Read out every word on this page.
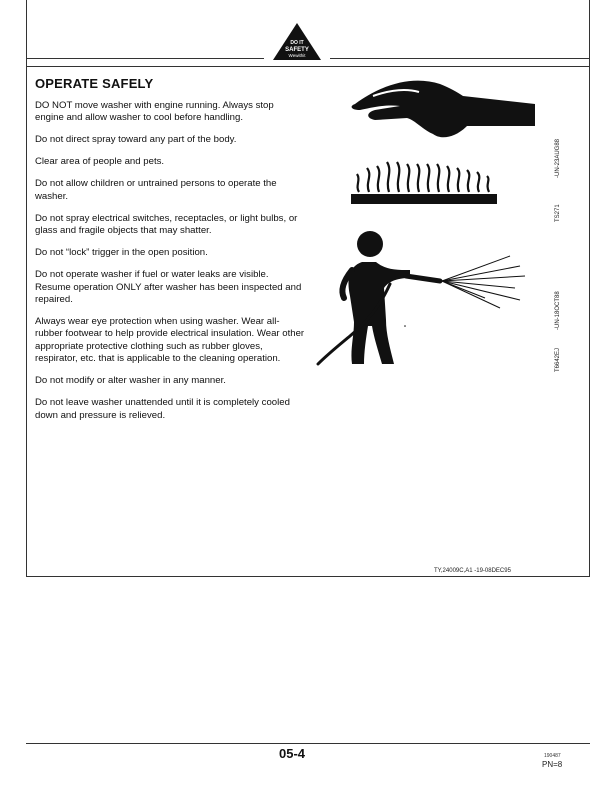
DO IT
SAFETY
Wewithit
OPERATE SAFELY

DO NOT move washer with engine running. Always stop engine and allow washer to cool before handling.

Do not direct spray toward any part of the body.

Clear area of people and pets.

Do not allow children or untrained persons to operate the washer.

Do not spray electrical switches, receptacles, or light bulbs, or glass and fragile objects that may shatter.

Do not “lock” trigger in the open position.

Do not operate washer if fuel or water leaks are visible. Resume operation ONLY after washer has been inspected and repaired.

Always wear eye protection when using washer. Wear all-rubber footwear to help provide electrical insulation. Wear other appropriate protective clothing such as rubber gloves, respirator, etc. that is applicable to the cleaning operation.

Do not modify or alter washer in any manner.

Do not leave washer unattended until it is completely cooled down and pressure is relieved.

-UN-23AUG88
TS271
-UN-18OCT88
T6642EJ
TY,24009C,A1 -19-08DEC95
05-4	190487
PN=8
